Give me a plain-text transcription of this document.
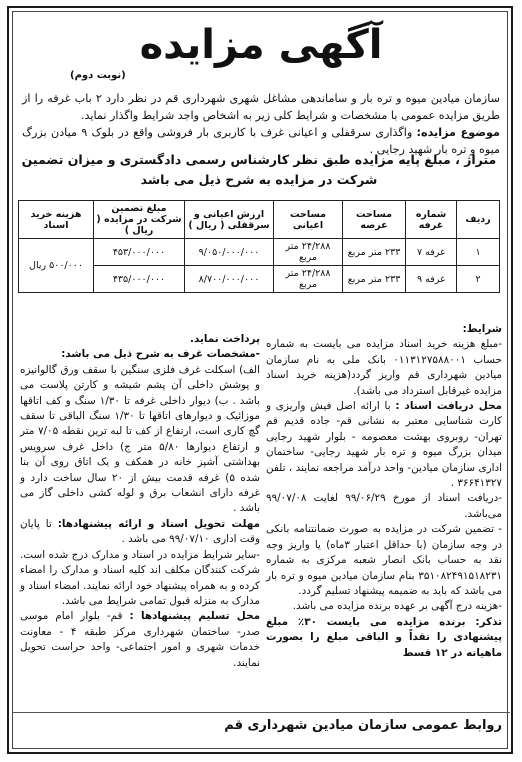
آگهی مزایده
(نوبت دوم)
سازمان میادین میوه و تره بار و ساماندهی مشاغل شهری شهرداری قم در نظر دارد ۲ باب غرفه را از طریق مزایده عمومی با مشخصات و شرایط کلی زیر به اشخاص واجد شرایط واگذار نماید.
موضوع مزایده: واگذاری سرقفلی و اعیانی غرف با کاربری بار فروشی واقع در بلوک ۹ میادن بزرگ میوه و تره بار شهید رجایی .
متراژ ، مبلغ پایه مزایده طبق نظر کارشناس رسمی دادگستری و میزان تضمین شرکت در مزایده به شرح ذیل می باشد
ردیف	شماره غرفه	مساحت عرصه	مساحت اعیانی	ارزش اعیانی و سرقفلی ( ریال )	مبلغ تضمین شرکت در مزایده ( ریال )	هزینه خرید اسناد
۱	غرفه ۷	۲۳۳ متر مربع	۲۴/۲۸۸ متر مربع	۹/۰۵۰/۰۰۰/۰۰۰	۴۵۳/۰۰۰/۰۰۰	۵۰۰/۰۰۰ ریال
۲	غرفه ۹	۲۳۳ متر مربع	۲۴/۲۸۸ متر مربع	۸/۷۰۰/۰۰۰/۰۰۰	۴۳۵/۰۰۰/۰۰۰	
شرایط:
-مبلغ هزینه خرید اسناد مزایده می بایست به شماره حساب ۰۱۱۳۱۲۷۵۸۸۰۰۱ بانک ملی به نام سازمان میادین شهرداری قم واریز گردد(هزینه خرید اسناد مزایده غیرقابل استرداد می باشد).
محل دریافت اسناد : با ارائه اصل فیش واریزی و کارت شناسایی معتبر به نشانی قم- جاده قدیم قم تهران- روبروی بهشت معصومه - بلوار شهید رجایی میدان بزرگ میوه و تره بار شهید رجایی- ساختمان اداری سازمان میادین- واحد درآمد مراجعه نمایند ، تلفن ۳۶۶۴۱۳۲۷ .
-دریافت اسناد از مورخ ۹۹/۰۶/۲۹ لغایت ۹۹/۰۷/۰۸ می‌باشد.
- تضمین شرکت در مزایده به صورت ضمانتنامه بانکی در وجه سازمان (با حداقل اعتبار ۳ماه) یا واریز وجه نقد به حساب بانک انصار شعبه مرکزی به شماره ۳۵۱۰۸۲۴۹۱۵۱۸۲۳۱ بنام سازمان میادین میوه و تره بار می باشد که باید به ضمیمه پیشنهاد تسلیم گردد.
-هزینه درج آگهی بر عهده برنده مزایده می باشد.
تذکر: برنده مزایده می بایست ۳۰٪ مبلغ پیشنهادی را نقداً و الباقی مبلغ را بصورت ماهیانه در ۱۲ قسط
پرداخت نماید.
-مشخصات غرف به شرح ذیل می باشد:
الف) اسکلت غرف فلزی سنگین با سقف ورق گالوانیزه و پوشش داخلی آن پشم شیشه و کارتن پلاست می باشد . ب) دیوار داخلی غرفه تا ۱/۳۰ سنگ و کف اتاقها موزائیک و دیوارهای اتاقها تا ۱/۳۰ سنگ الباقی تا سقف گچ کاری است، ارتفاع از کف تا لبه ترین نقطه ۷/۰۵ متر و ارتفاع دیوارها ۵/۸۰ متر ج) داخل غرف سرویس بهداشتی آشپز خانه در همکف و یک اتاق روی آن بنا شده ۵) غرفه قدمت بیش از ۲۰ سال ساخت دارد و غرفه دارای انشعاب برق و لوله کشی داخلی گاز می باشد .
مهلت تحویل اسناد و ارائه پیشنهادها: تا پایان وقت اداری ۹۹/۰۷/۱۰ می باشد .
-سایر شرایط مزایده در اسناد و مدارک درج شده است. شرکت کنندگان مکلف اند کلیه اسناد و مدارک را امضاء کرده و به همراه پیشنهاد خود ارائه نمایند. امضاء اسناد و مدارک به منزله قبول تمامی شرایط می باشد.
محل تسلیم پیشنهادها : قم- بلوار امام موسی صدر- ساختمان شهرداری مرکز طبقه ۴ - معاونت خدمات شهری و امور اجتماعی- واحد حراست تحویل نمایند.
روابط عمومی سازمان میادین شهرداری قم
